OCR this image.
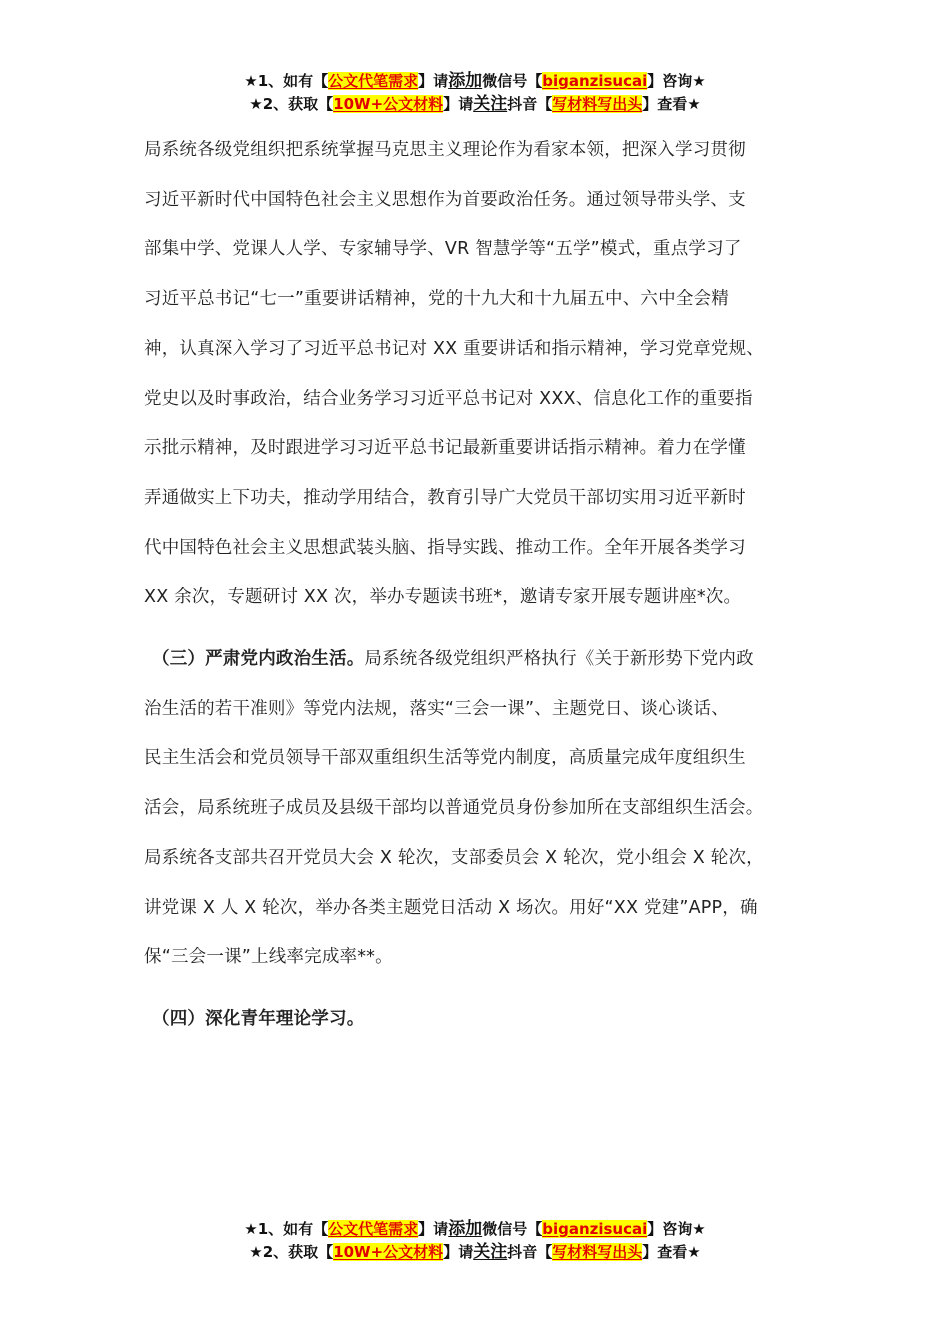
★1、如有【公文代笔需求】请添加微信号【biganzisucai】咨询★
★2、获取【10W+公文材料】请关注抖音【写材料写出头】查看★

局系统各级党组织把系统掌握马克思主义理论作为看家本领，把深入学习贯彻
习近平新时代中国特色社会主义思想作为首要政治任务。通过领导带头学、支
部集中学、党课人人学、专家辅导学、VR 智慧学等“五学”模式，重点学习了
习近平总书记“七一”重要讲话精神，党的十九大和十九届五中、六中全会精
神，认真深入学习了习近平总书记对 XX 重要讲话和指示精神，学习党章党规、
党史以及时事政治，结合业务学习习近平总书记对 XXX、信息化工作的重要指
示批示精神，及时跟进学习习近平总书记最新重要讲话指示精神。着力在学懂
弄通做实上下功夫，推动学用结合，教育引导广大党员干部切实用习近平新时
代中国特色社会主义思想武装头脑、指导实践、推动工作。全年开展各类学习
XX 余次，专题研讨 XX 次，举办专题读书班*，邀请专家开展专题讲座*次。

（三）严肃党内政治生活。局系统各级党组织严格执行《关于新形势下党内政
治生活的若干准则》等党内法规，落实“三会一课”、主题党日、谈心谈话、
民主生活会和党员领导干部双重组织生活等党内制度，高质量完成年度组织生
活会，局系统班子成员及县级干部均以普通党员身份参加所在支部组织生活会。
局系统各支部共召开党员大会 X 轮次，支部委员会 X 轮次，党小组会 X 轮次，
讲党课 X 人 X 轮次，举办各类主题党日活动 X 场次。用好“XX 党建”APP，确
保“三会一课”上线率完成率**。

（四）深化青年理论学习。

★1、如有【公文代笔需求】请添加微信号【biganzisucai】咨询★
★2、获取【10W+公文材料】请关注抖音【写材料写出头】查看★
